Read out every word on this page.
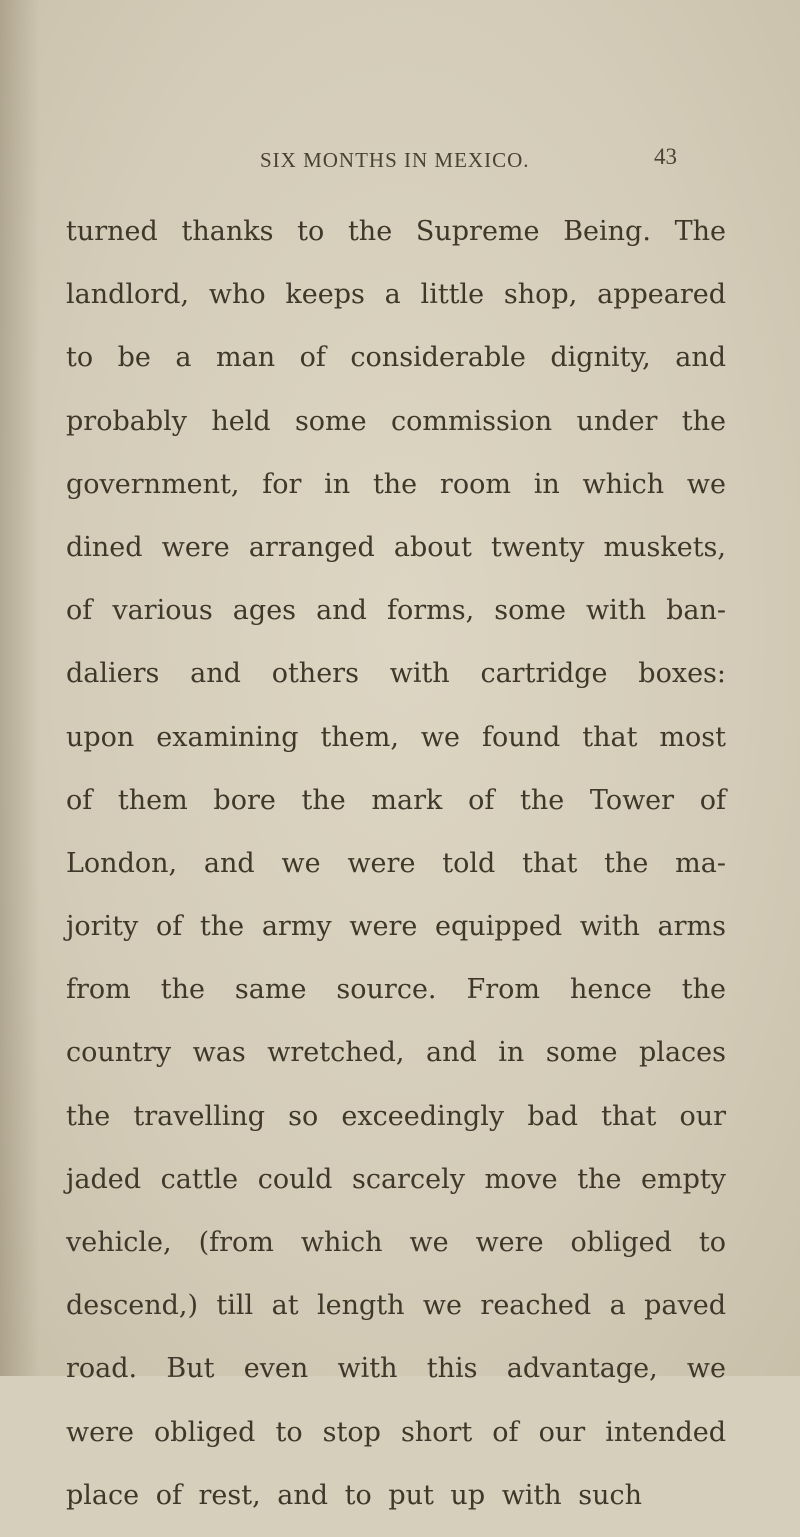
SIX MONTHS IN MEXICO.	43
turned thanks to the Supreme Being. The
landlord, who keeps a little shop, appeared
to be a man of considerable dignity, and
probably held some commission under the
government, for in the room in which we
dined were arranged about twenty muskets,
of various ages and forms, some with ban-
daliers and others with cartridge boxes:
upon examining them, we found that most
of them bore the mark of the Tower of
London, and we were told that the ma-
jority of the army were equipped with arms
from the same source. From hence the
country was wretched, and in some places
the travelling so exceedingly bad that our
jaded cattle could scarcely move the empty
vehicle, (from which we were obliged to
descend,) till at length we reached a paved
road. But even with this advantage, we
were obliged to stop short of our intended
place of rest, and to put up with such
